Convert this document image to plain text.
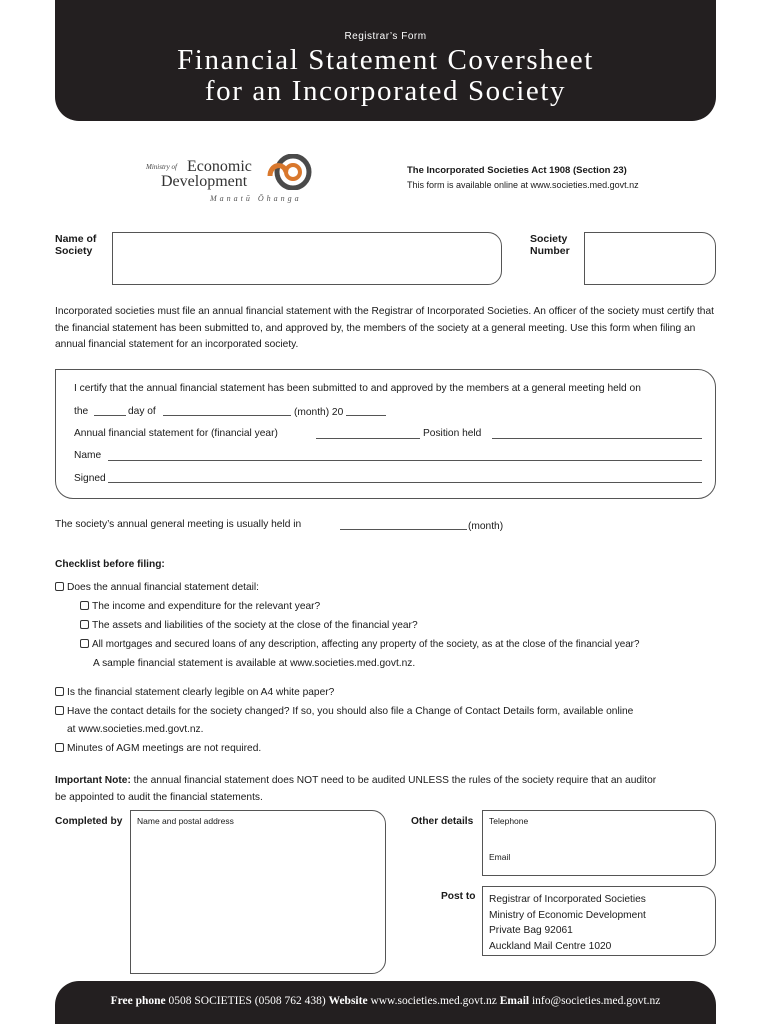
Registrar’s Form
Financial Statement Coversheet
for an Incorporated Society
Ministry of Economic
Development
Manatū Ōhanga
The Incorporated Societies Act 1908 (Section 23)
This form is available online at www.societies.med.govt.nz
Name of
Society
Society
Number
Incorporated societies must file an annual financial statement with the Registrar of Incorporated Societies. An officer of the society must certify that the financial statement has been submitted to, and approved by, the members of the society at a general meeting. Use this form when filing an annual financial statement for an incorporated society.
I certify that the annual financial statement has been submitted to and approved by the members at a general meeting held on
the	day of	(month) 20
Annual financial statement for (financial year)	Position held
Name
Signed
The society’s annual general meeting is usually held in	(month)
Checklist before filing:
Does the annual financial statement detail:
The income and expenditure for the relevant year?
The assets and liabilities of the society at the close of the financial year?
All mortgages and secured loans of any description, affecting any property of the society, as at the close of the financial year?
A sample financial statement is available at www.societies.med.govt.nz.
Is the financial statement clearly legible on A4 white paper?
Have the contact details for the society changed? If so, you should also file a Change of Contact Details form, available online
at www.societies.med.govt.nz.
Minutes of AGM meetings are not required.
Important Note: the annual financial statement does NOT need to be audited UNLESS the rules of the society require that an auditor
be appointed to audit the financial statements.
Completed by Name and postal address	Other details Telephone
Email
Post to Registrar of Incorporated Societies
Ministry of Economic Development
Private Bag 92061
Auckland Mail Centre 1020
Free phone 0508 SOCIETIES (0508 762 438) Website www.societies.med.govt.nz Email info@societies.med.govt.nz
